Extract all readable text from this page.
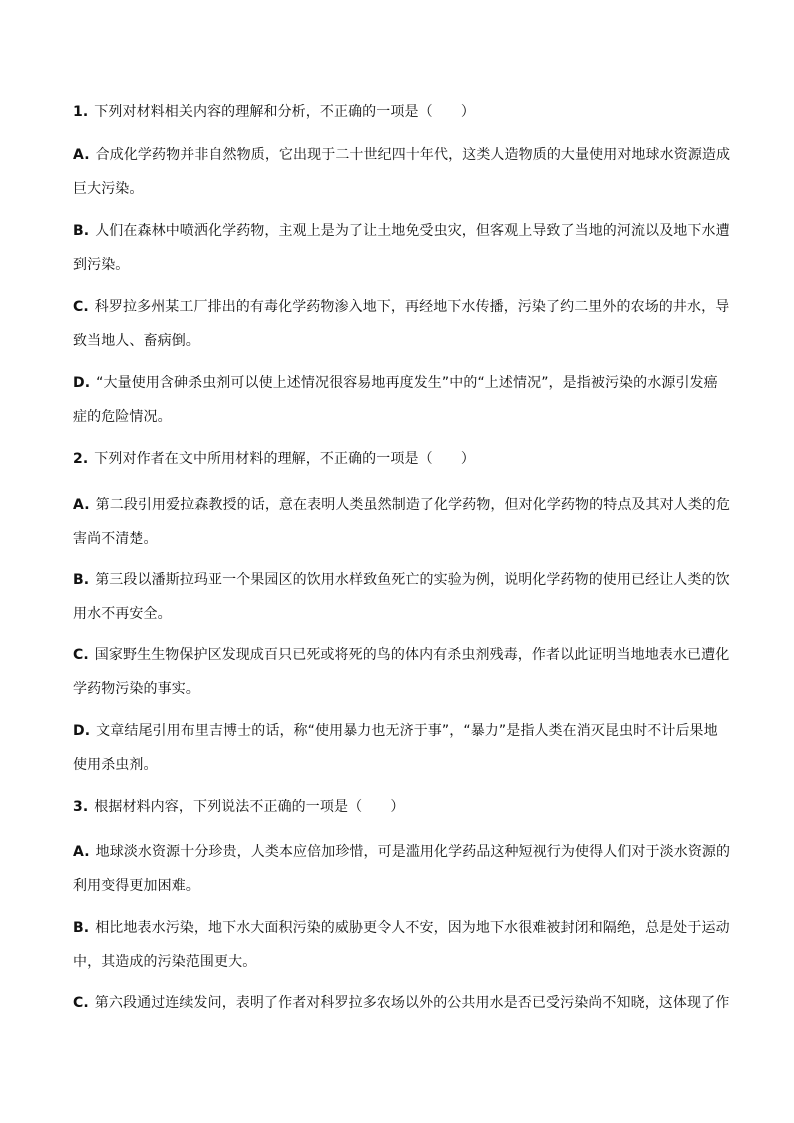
1. 下列对材料相关内容的理解和分析，不正确的一项是（　　）
A. 合成化学药物并非自然物质，它出现于二十世纪四十年代，这类人造物质的大量使用对地球水资源造成
巨大污染。
B. 人们在森林中喷洒化学药物，主观上是为了让土地免受虫灾，但客观上导致了当地的河流以及地下水遭
到污染。
C. 科罗拉多州某工厂排出的有毒化学药物渗入地下，再经地下水传播，污染了约二里外的农场的井水，导
致当地人、畜病倒。
D. “大量使用含砷杀虫剂可以使上述情况很容易地再度发生”中的“上述情况”，是指被污染的水源引发癌
症的危险情况。
2. 下列对作者在文中所用材料的理解，不正确的一项是（　　）
A. 第二段引用爱拉森教授的话，意在表明人类虽然制造了化学药物，但对化学药物的特点及其对人类的危
害尚不清楚。
B. 第三段以潘斯拉玛亚一个果园区的饮用水样致鱼死亡的实验为例，说明化学药物的使用已经让人类的饮
用水不再安全。
C. 国家野生生物保护区发现成百只已死或将死的鸟的体内有杀虫剂残毒，作者以此证明当地地表水已遭化
学药物污染的事实。
D. 文章结尾引用布里吉博士的话，称“使用暴力也无济于事”，“暴力”是指人类在消灭昆虫时不计后果地
使用杀虫剂。
3. 根据材料内容，下列说法不正确的一项是（　　）
A. 地球淡水资源十分珍贵，人类本应倍加珍惜，可是滥用化学药品这种短视行为使得人们对于淡水资源的
利用变得更加困难。
B. 相比地表水污染，地下水大面积污染的威胁更令人不安，因为地下水很难被封闭和隔绝，总是处于运动
中，其造成的污染范围更大。
C. 第六段通过连续发问，表明了作者对科罗拉多农场以外的公共用水是否已受污染尚不知晓，这体现了作
